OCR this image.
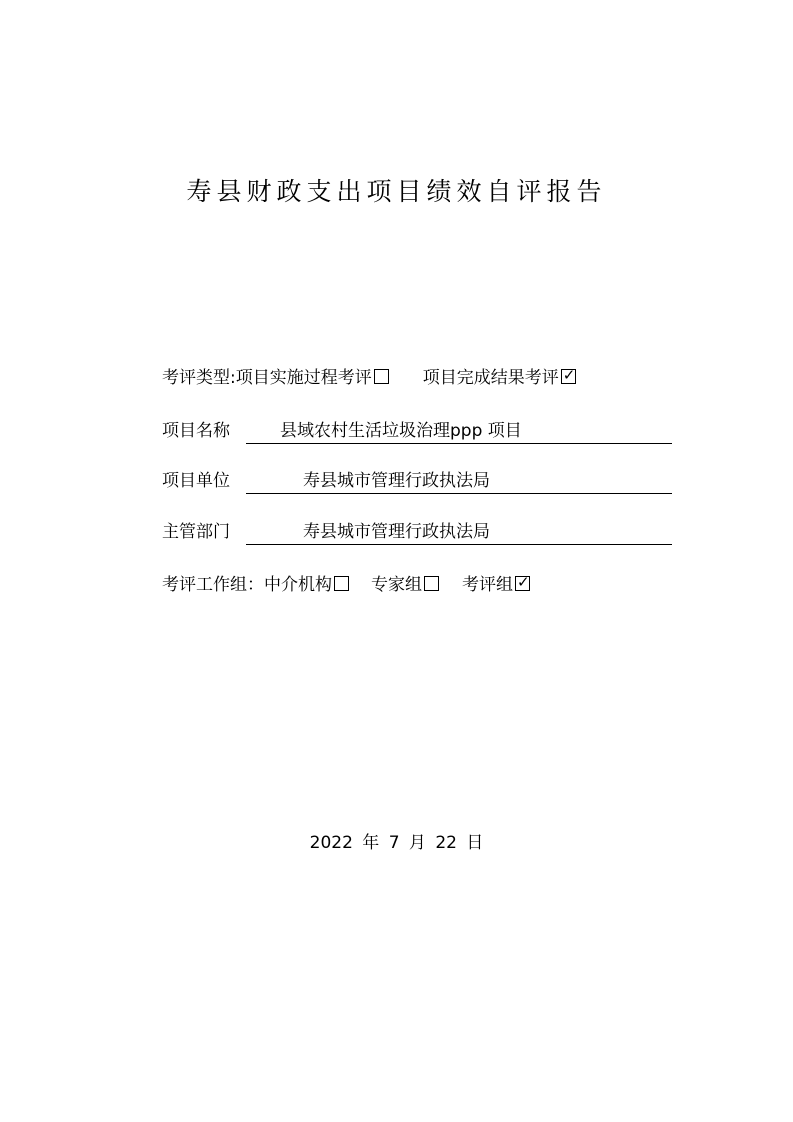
寿县财政支出项目绩效自评报告
考评类型:项目实施过程考评	项目完成结果考评 ✓
项目名称	县域农村生活垃圾治理ppp 项目
项目单位	寿县城市管理行政执法局
主管部门	寿县城市管理行政执法局
考评工作组：中介机构 专家组 考评组 ✓
2022 年 7 月 22 日
